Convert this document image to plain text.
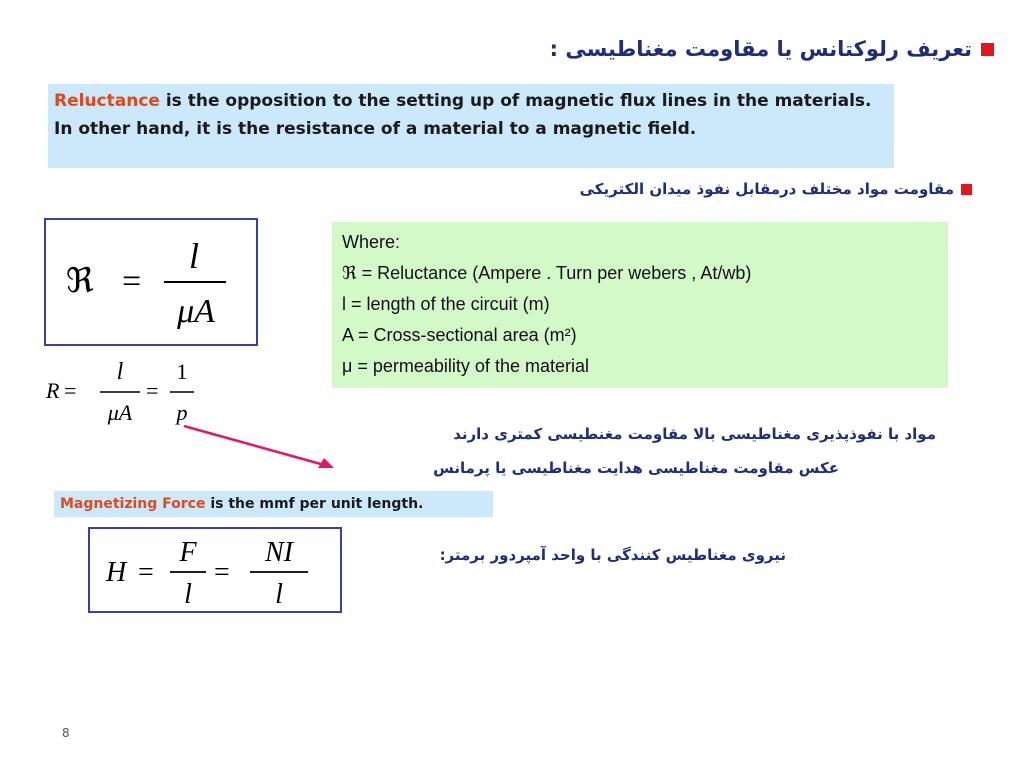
تعریف رلوکتانس یا مقاومت مغناطیسی :
Reluctance is the opposition to the setting up of magnetic flux lines in the materials. In other hand, it is the resistance of a material to a magnetic field.
مقاومت مواد مختلف درمقابل نفوذ میدان الکتریکی
ℜ =
l
μA
R =
l
μA
=
1
p
Where:
ℜ = Reluctance (Ampere . Turn per webers , At/wb)
l = length of the circuit (m)
A = Cross-sectional area (m²)
μ = permeability of the material
مواد با نفوذپذیری مغناطیسی بالا مقاومت مغنطیسی کمتری دارند
عکس مقاومت مغناطیسی هدایت مغناطیسی یا پرمانس
Magnetizing Force is the mmf per unit length.
H =
F
l
=
NI
l
نیروی مغناطیس کنندگی با واحد آمپردور برمتر:
8
